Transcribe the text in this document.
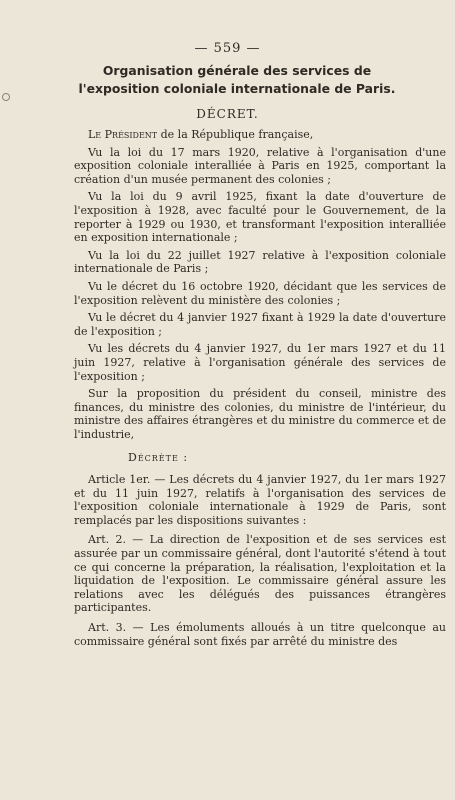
— 559 —
Organisation générale des services de l'exposition coloniale internationale de Paris.
DÉCRET.

Le Président de la République française,

Vu la loi du 17 mars 1920, relative à l'organisation d'une exposition coloniale interalliée à Paris en 1925, comportant la création d'un musée permanent des colonies ;

Vu la loi du 9 avril 1925, fixant la date d'ouverture de l'exposition à 1928, avec faculté pour le Gouvernement, de la reporter à 1929 ou 1930, et transformant l'exposition interalliée en exposition internationale ;

Vu la loi du 22 juillet 1927 relative à l'exposition coloniale internationale de Paris ;

Vu le décret du 16 octobre 1920, décidant que les services de l'exposition relèvent du ministère des colonies ;

Vu le décret du 4 janvier 1927 fixant à 1929 la date d'ouverture de l'exposition ;

Vu les décrets du 4 janvier 1927, du 1er mars 1927 et du 11 juin 1927, relative à l'organisation générale des services de l'exposition ;

Sur la proposition du président du conseil, ministre des finances, du ministre des colonies, du ministre de l'intérieur, du ministre des affaires étrangères et du ministre du commerce et de l'industrie,

Décrète :

Article 1er. — Les décrets du 4 janvier 1927, du 1er mars 1927 et du 11 juin 1927, relatifs à l'organisation des services de l'exposition coloniale internationale à 1929 de Paris, sont remplacés par les dispositions suivantes :

Art. 2. — La direction de l'exposition et de ses services est assurée par un commissaire général, dont l'autorité s'étend à tout ce qui concerne la préparation, la réalisation, l'exploitation et la liquidation de l'exposition. Le commissaire général assure les relations avec les délégués des puissances étrangères participantes.

Art. 3. — Les émoluments alloués à un titre quelconque au commissaire général sont fixés par arrêté du ministre des
